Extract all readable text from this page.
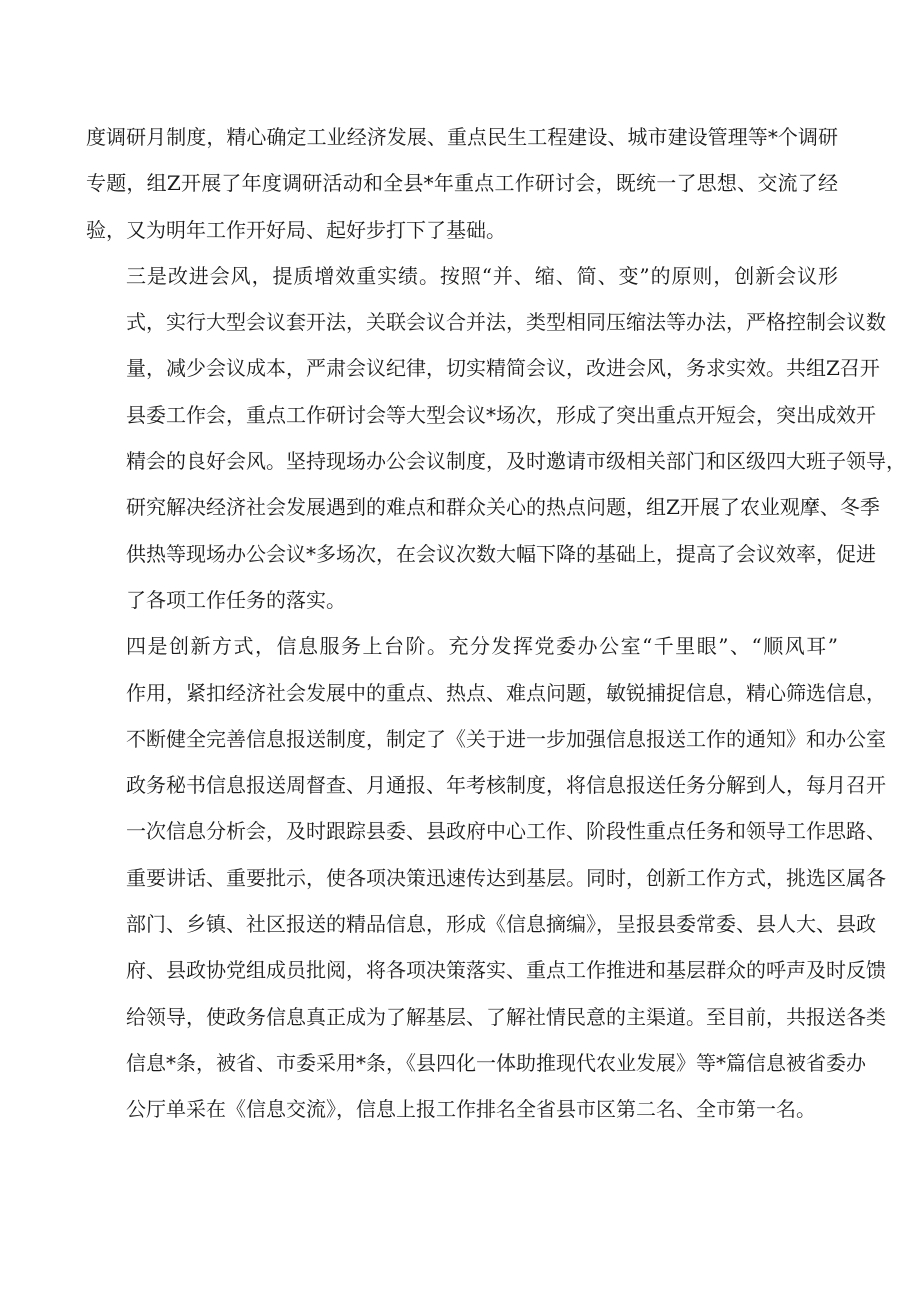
度调研月制度，精心确定工业经济发展、重点民生工程建设、城市建设管理等*个调研
专题，组Z开展了年度调研活动和全县*年重点工作研讨会，既统一了思想、交流了经
验，又为明年工作开好局、起好步打下了基础。

三是改进会风，提质增效重实绩。按照“并、缩、简、变”的原则，创新会议形
式，实行大型会议套开法，关联会议合并法，类型相同压缩法等办法，严格控制会议数
量，减少会议成本，严肃会议纪律，切实精简会议，改进会风，务求实效。共组Z召开
县委工作会，重点工作研讨会等大型会议*场次，形成了突出重点开短会，突出成效开
精会的良好会风。坚持现场办公会议制度，及时邀请市级相关部门和区级四大班子领导，
研究解决经济社会发展遇到的难点和群众关心的热点问题，组Z开展了农业观摩、冬季
供热等现场办公会议*多场次，在会议次数大幅下降的基础上，提高了会议效率，促进
了各项工作任务的落实。

四是创新方式，信息服务上台阶。充分发挥党委办公室“千里眼”、“顺风耳”
作用，紧扣经济社会发展中的重点、热点、难点问题，敏锐捕捉信息，精心筛选信息，
不断健全完善信息报送制度，制定了《关于进一步加强信息报送工作的通知》和办公室
政务秘书信息报送周督查、月通报、年考核制度，将信息报送任务分解到人，每月召开
一次信息分析会，及时跟踪县委、县政府中心工作、阶段性重点任务和领导工作思路、
重要讲话、重要批示，使各项决策迅速传达到基层。同时，创新工作方式，挑选区属各
部门、乡镇、社区报送的精品信息，形成《信息摘编》，呈报县委常委、县人大、县政
府、县政协党组成员批阅，将各项决策落实、重点工作推进和基层群众的呼声及时反馈
给领导，使政务信息真正成为了解基层、了解社情民意的主渠道。至目前，共报送各类
信息*条，被省、市委采用*条，《县四化一体助推现代农业发展》等*篇信息被省委办
公厅单采在《信息交流》，信息上报工作排名全省县市区第二名、全市第一名。
